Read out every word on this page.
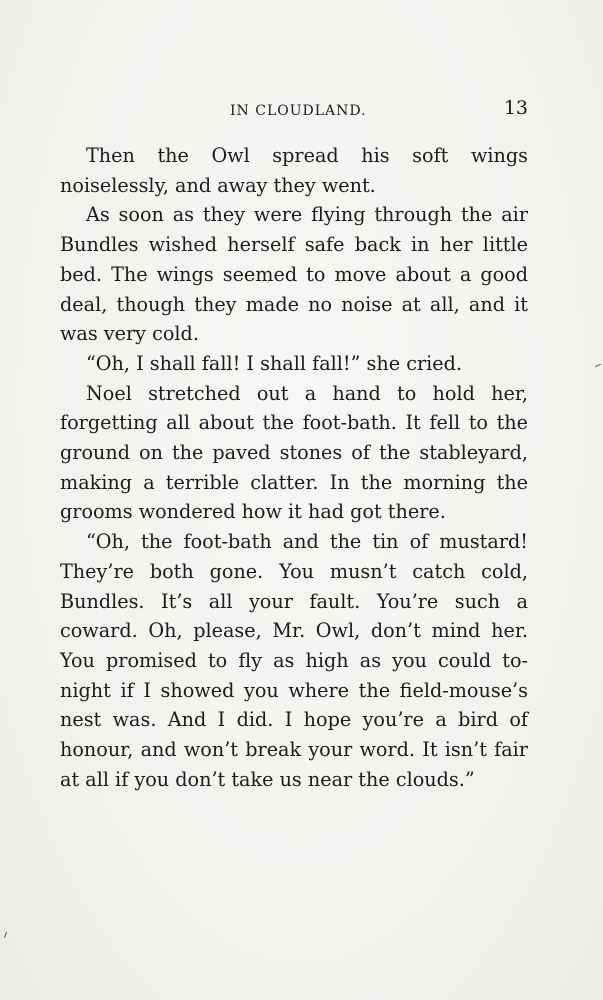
IN CLOUDLAND.	13

Then the Owl spread his soft wings noiselessly, and away they went.

As soon as they were flying through the air Bundles wished herself safe back in her little bed. The wings seemed to move about a good deal, though they made no noise at all, and it was very cold.

“Oh, I shall fall! I shall fall!” she cried.

Noel stretched out a hand to hold her, forgetting all about the foot-bath. It fell to the ground on the paved stones of the stableyard, making a terrible clatter. In the morning the grooms wondered how it had got there.

“Oh, the foot-bath and the tin of mustard! They’re both gone. You musn’t catch cold, Bundles. It’s all your fault. You’re such a coward. Oh, please, Mr. Owl, don’t mind her. You promised to fly as high as you could to-night if I showed you where the field-mouse’s nest was. And I did. I hope you’re a bird of honour, and won’t break your word. It isn’t fair at all if you don’t take us near the clouds.”
